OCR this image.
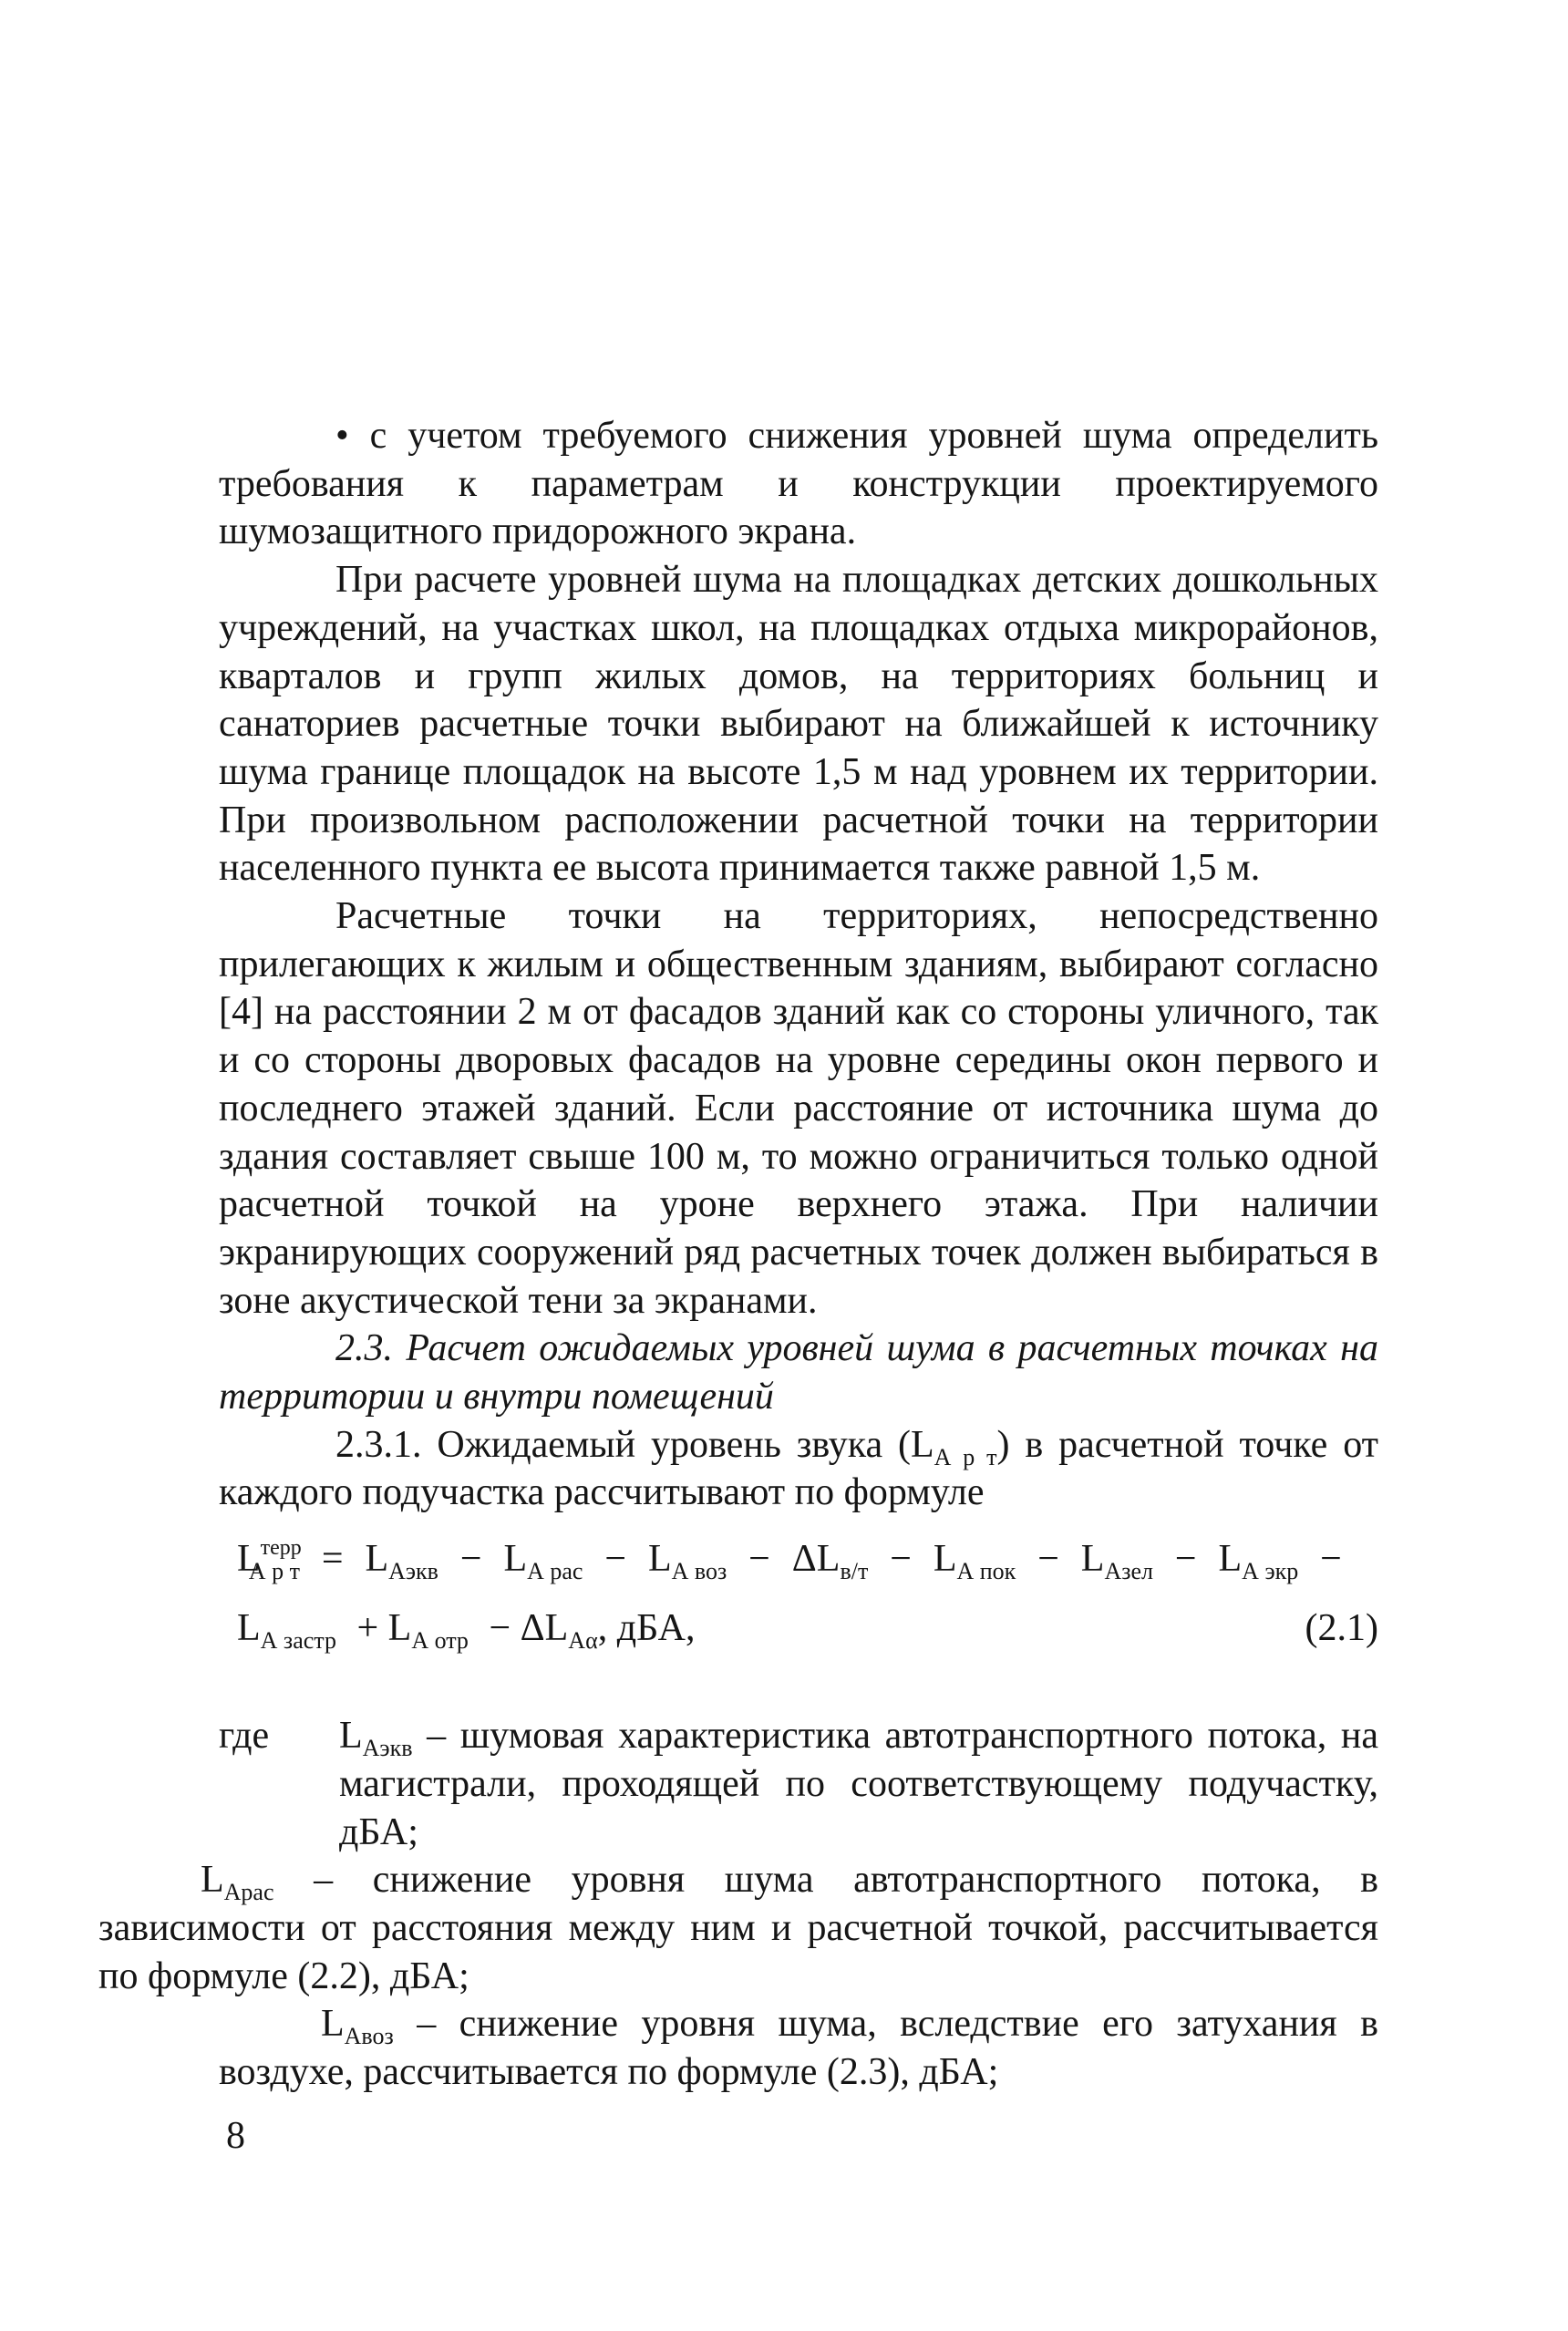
• с учетом требуемого снижения уровней шума определить требования к параметрам и конструкции проектируемого шумозащитного придорожного экрана.

При расчете уровней шума на площадках детских дошкольных учреждений, на участках школ, на площадках отдыха микрорайонов, кварталов и групп жилых домов, на территориях больниц и санаториев расчетные точки выбирают на ближайшей к источнику шума границе площадок на высоте 1,5 м над уровнем их территории. При произвольном расположении расчетной точки на территории населенного пункта ее высота принимается также равной 1,5 м.

Расчетные точки на территориях, непосредственно прилегающих к жилым и общественным зданиям, выбирают согласно [4] на расстоянии 2 м от фасадов зданий как со стороны уличного, так и со стороны дворовых фасадов на уровне середины окон первого и последнего этажей зданий. Если расстояние от источника шума до здания составляет свыше 100 м, то можно ограничиться только одной расчетной точкой на уроне верхнего этажа. При наличии экранирующих сооружений ряд расчетных точек должен выбираться в зоне акустической тени за экранами.

2.3. Расчет ожидаемых уровней шума в расчетных точках на территории и внутри помещений

2.3.1. Ожидаемый уровень звука $(L_{А р т})$ в расчетной точке от каждого подучастка рассчитывают по формуле

$L^{терр}_{А р т} = L_{Аэкв} - L_{А рас} - L_{А воз} - \Delta L_{в/т} - L_{А пок} - L_{Азел} - L_{А экр}$ −
$L_{А застр} + L_{А отр} - \Delta L_{А\alpha}$, дБА,	(2.1)
где	$L_{Аэкв}$ – шумовая характеристика автотранспортного потока, на магистрали, проходящей по соответствующему подучастку, дБА;

$L_{Арас}$ – снижение уровня шума автотранспортного потока, в зависимости от расстояния между ним и расчетной точкой, рассчитывается по формуле (2.2), дБА;

$L_{Авоз}$ – снижение уровня шума, вследствие его затухания в воздухе, рассчитывается по формуле (2.3), дБА;

8
